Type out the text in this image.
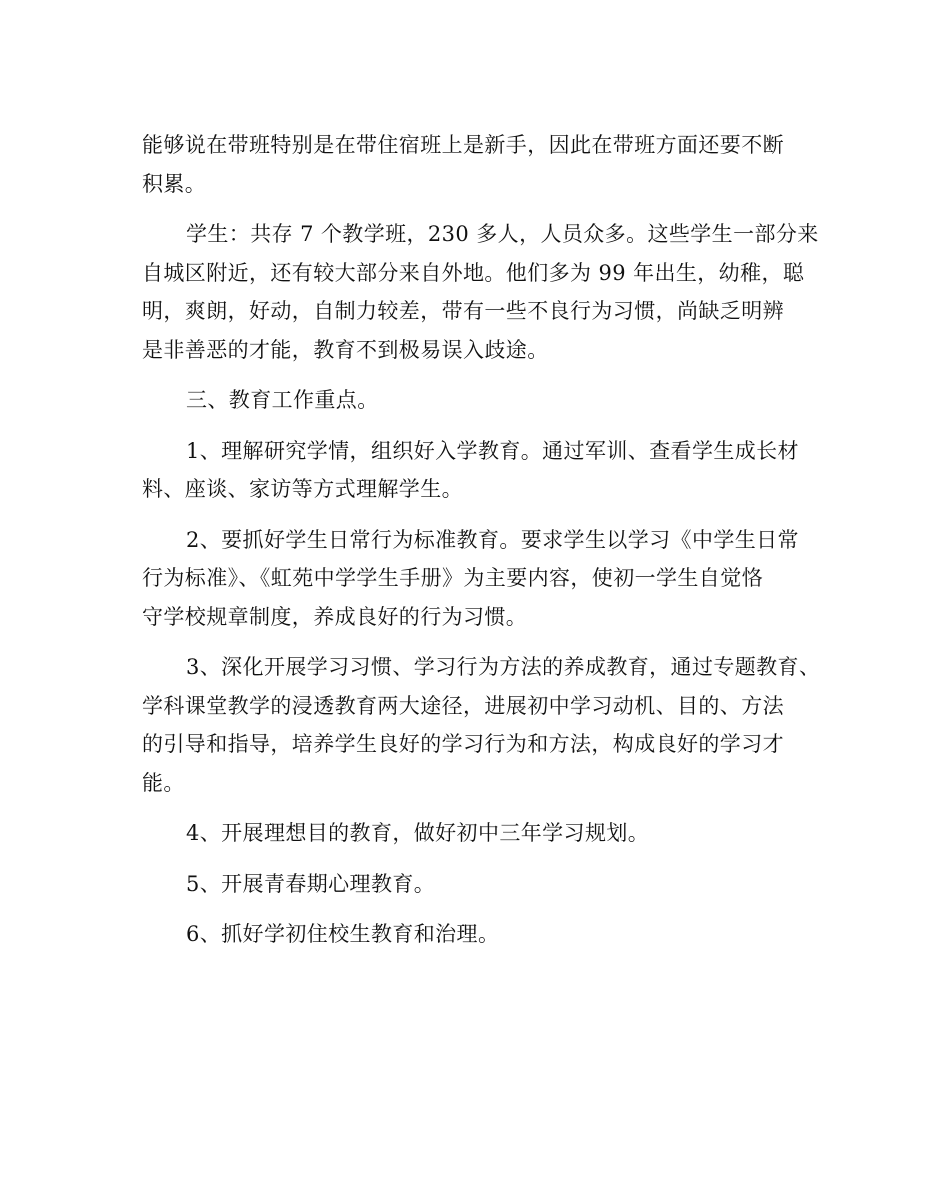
能够说在带班特别是在带住宿班上是新手，因此在带班方面还要不断
积累。
学生：共存 7 个教学班，230 多人，人员众多。这些学生一部分来
自城区附近，还有较大部分来自外地。他们多为 99 年出生，幼稚，聪
明，爽朗，好动，自制力较差，带有一些不良行为习惯，尚缺乏明辨
是非善恶的才能，教育不到极易误入歧途。
三、教育工作重点。
1、理解研究学情，组织好入学教育。通过军训、查看学生成长材
料、座谈、家访等方式理解学生。
2、要抓好学生日常行为标准教育。要求学生以学习《中学生日常
行为标准》、《虹苑中学学生手册》为主要内容，使初一学生自觉恪
守学校规章制度，养成良好的行为习惯。
3、深化开展学习习惯、学习行为方法的养成教育，通过专题教育、
学科课堂教学的浸透教育两大途径，进展初中学习动机、目的、方法
的引导和指导，培养学生良好的学习行为和方法，构成良好的学习才
能。
4、开展理想目的教育，做好初中三年学习规划。
5、开展青春期心理教育。
6、抓好学初住校生教育和治理。
